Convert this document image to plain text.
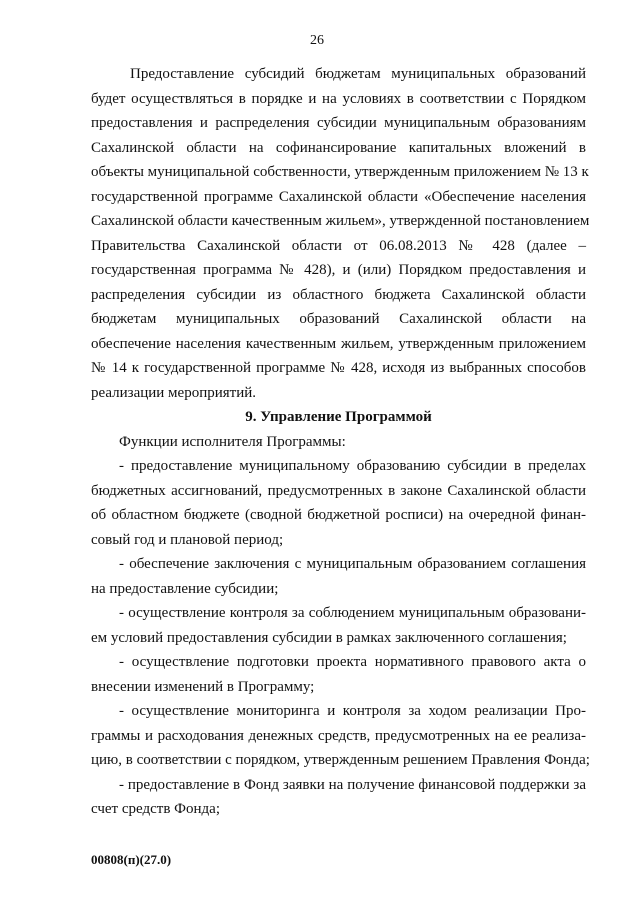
26
Предоставление субсидий бюджетам муниципальных образований
будет осуществляться в порядке и на условиях в соответствии с Порядком
предоставления и распределения субсидии муниципальным образованиям
Сахалинской области на софинансирование капитальных вложений в
объекты муниципальной собственности, утвержденным приложением № 13 к
государственной программе Сахалинской области «Обеспечение населения
Сахалинской области качественным жильем», утвержденной постановлением
Правительства Сахалинской области от 06.08.2013 № 428 (далее –
государственная программа № 428), и (или) Порядком предоставления и
распределения субсидии из областного бюджета Сахалинской области
бюджетам муниципальных образований Сахалинской области на
обеспечение населения качественным жильем, утвержденным приложением
№ 14 к государственной программе № 428, исходя из выбранных способов
реализации мероприятий.
9. Управление Программой
Функции исполнителя Программы:
- предоставление муниципальному образованию субсидии в пределах
бюджетных ассигнований, предусмотренных в законе Сахалинской области
об областном бюджете (сводной бюджетной росписи) на очередной финан-
совый год и плановой период;
- обеспечение заключения с муниципальным образованием соглашения
на предоставление субсидии;
- осуществление контроля за соблюдением муниципальным образовани-
ем условий предоставления субсидии в рамках заключенного соглашения;
- осуществление подготовки проекта нормативного правового акта о
внесении изменений в Программу;
- осуществление мониторинга и контроля за ходом реализации Про-
граммы и расходования денежных средств, предусмотренных на ее реализа-
цию, в соответствии с порядком, утвержденным решением Правления Фонда;
- предоставление в Фонд заявки на получение финансовой поддержки за
счет средств Фонда;
00808(п)(27.0)
